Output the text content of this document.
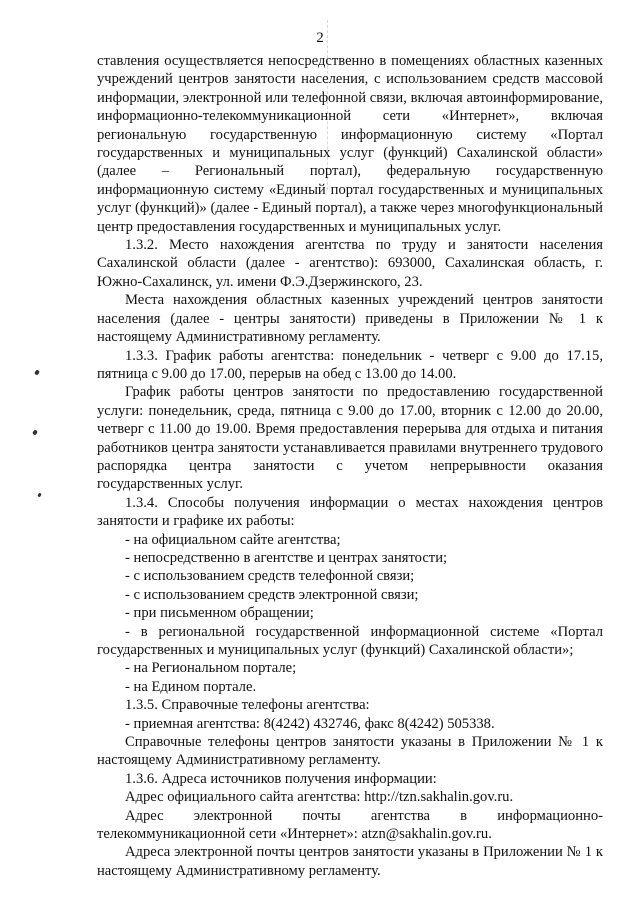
2

ставления осуществляется непосредственно в помещениях областных казенных учреждений центров занятости населения, с использованием средств массовой информации, электронной или телефонной связи, включая автоинформирование, информационно-телекоммуникационной сети «Интернет», включая региональную государственную информационную систему «Портал государственных и муниципальных услуг (функций) Сахалинской области» (далее – Региональный портал), федеральную государственную информационную систему «Единый портал государственных и муниципальных услуг (функций)» (далее - Единый портал), а также через многофункциональный центр предоставления государственных и муниципальных услуг.

1.3.2. Место нахождения агентства по труду и занятости населения Сахалинской области (далее - агентство): 693000, Сахалинская область, г. Южно-Сахалинск, ул. имени Ф.Э.Дзержинского, 23.

Места нахождения областных казенных учреждений центров занятости населения (далее - центры занятости) приведены в Приложении № 1 к настоящему Административному регламенту.

1.3.3. График работы агентства: понедельник - четверг с 9.00 до 17.15, пятница с 9.00 до 17.00, перерыв на обед с 13.00 до 14.00.

График работы центров занятости по предоставлению государственной услуги: понедельник, среда, пятница с 9.00 до 17.00, вторник с 12.00 до 20.00, четверг с 11.00 до 19.00. Время предоставления перерыва для отдыха и питания работников центра занятости устанавливается правилами внутреннего трудового распорядка центра занятости с учетом непрерывности оказания государственных услуг.

1.3.4. Способы получения информации о местах нахождения центров занятости и графике их работы:

- на официальном сайте агентства;

- непосредственно в агентстве и центрах занятости;

- с использованием средств телефонной связи;

- с использованием средств электронной связи;

- при письменном обращении;

- в региональной государственной информационной системе «Портал государственных и муниципальных услуг (функций) Сахалинской области»;

- на Региональном портале;

- на Едином портале.

1.3.5. Справочные телефоны агентства:

- приемная агентства: 8(4242) 432746, факс 8(4242) 505338.

Справочные телефоны центров занятости указаны в Приложении № 1 к настоящему Административному регламенту.

1.3.6. Адреса источников получения информации:

Адрес официального сайта агентства: http://tzn.sakhalin.gov.ru.

Адрес электронной почты агентства в информационно-телекоммуникационной сети «Интернет»: atzn@sakhalin.gov.ru.

Адреса электронной почты центров занятости указаны в Приложении № 1 к настоящему Административному регламенту.
